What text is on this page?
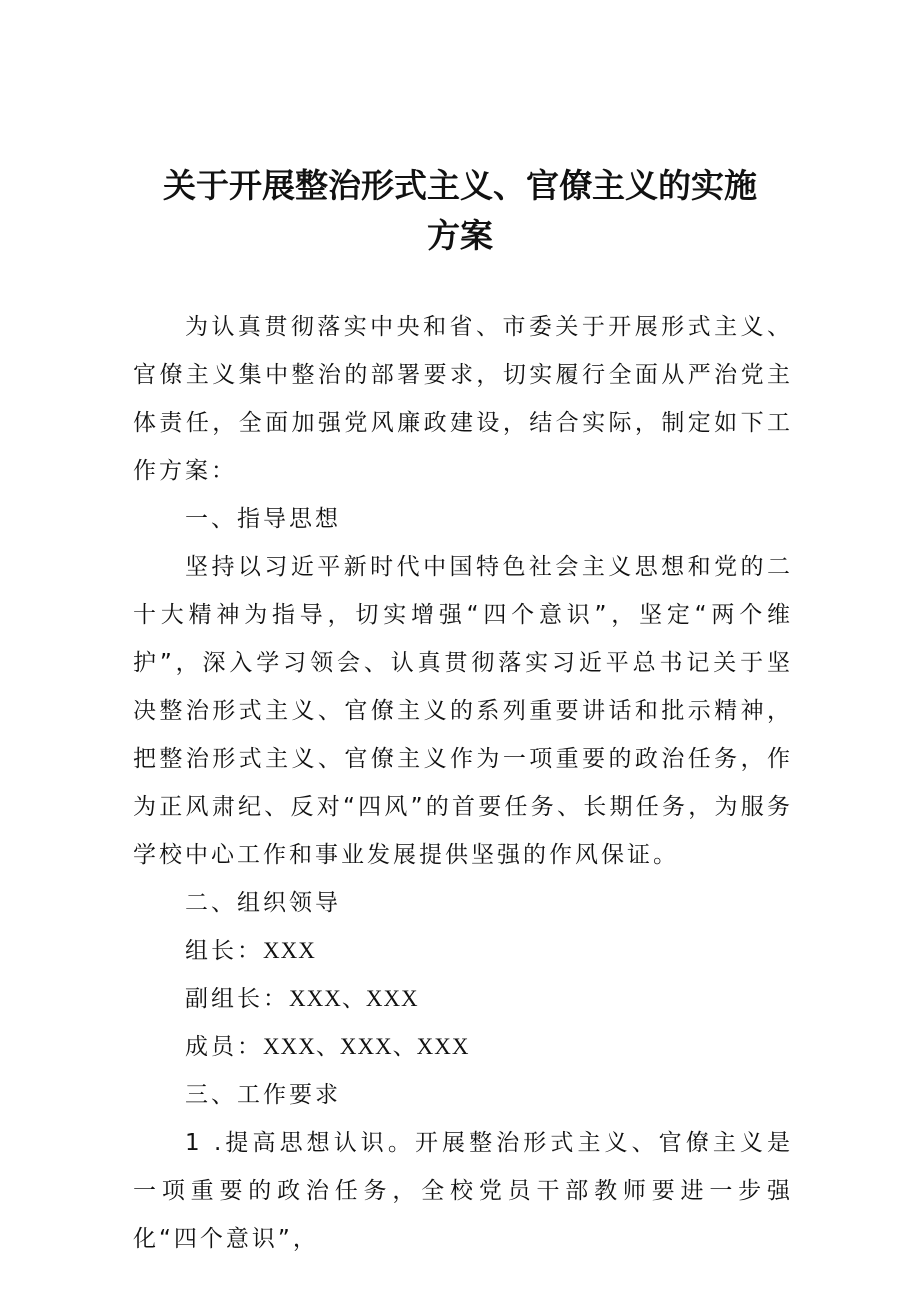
关于开展整治形式主义、官僚主义的实施
方案

为认真贯彻落实中央和省、市委关于开展形式主义、官僚主义集中整治的部署要求，切实履行全面从严治党主体责任，全面加强党风廉政建设，结合实际，制定如下工作方案：

一、指导思想

坚持以习近平新时代中国特色社会主义思想和党的二十大精神为指导，切实增强“四个意识”，坚定“两个维护”，深入学习领会、认真贯彻落实习近平总书记关于坚决整治形式主义、官僚主义的系列重要讲话和批示精神，把整治形式主义、官僚主义作为一项重要的政治任务，作为正风肃纪、反对“四风”的首要任务、长期任务，为服务学校中心工作和事业发展提供坚强的作风保证。

二、组织领导

组长：XXX

副组长：XXX、XXX

成员：XXX、XXX、XXX

三、工作要求

1 .提高思想认识。开展整治形式主义、官僚主义是一项重要的政治任务，全校党员干部教师要进一步强化“四个意识”，
